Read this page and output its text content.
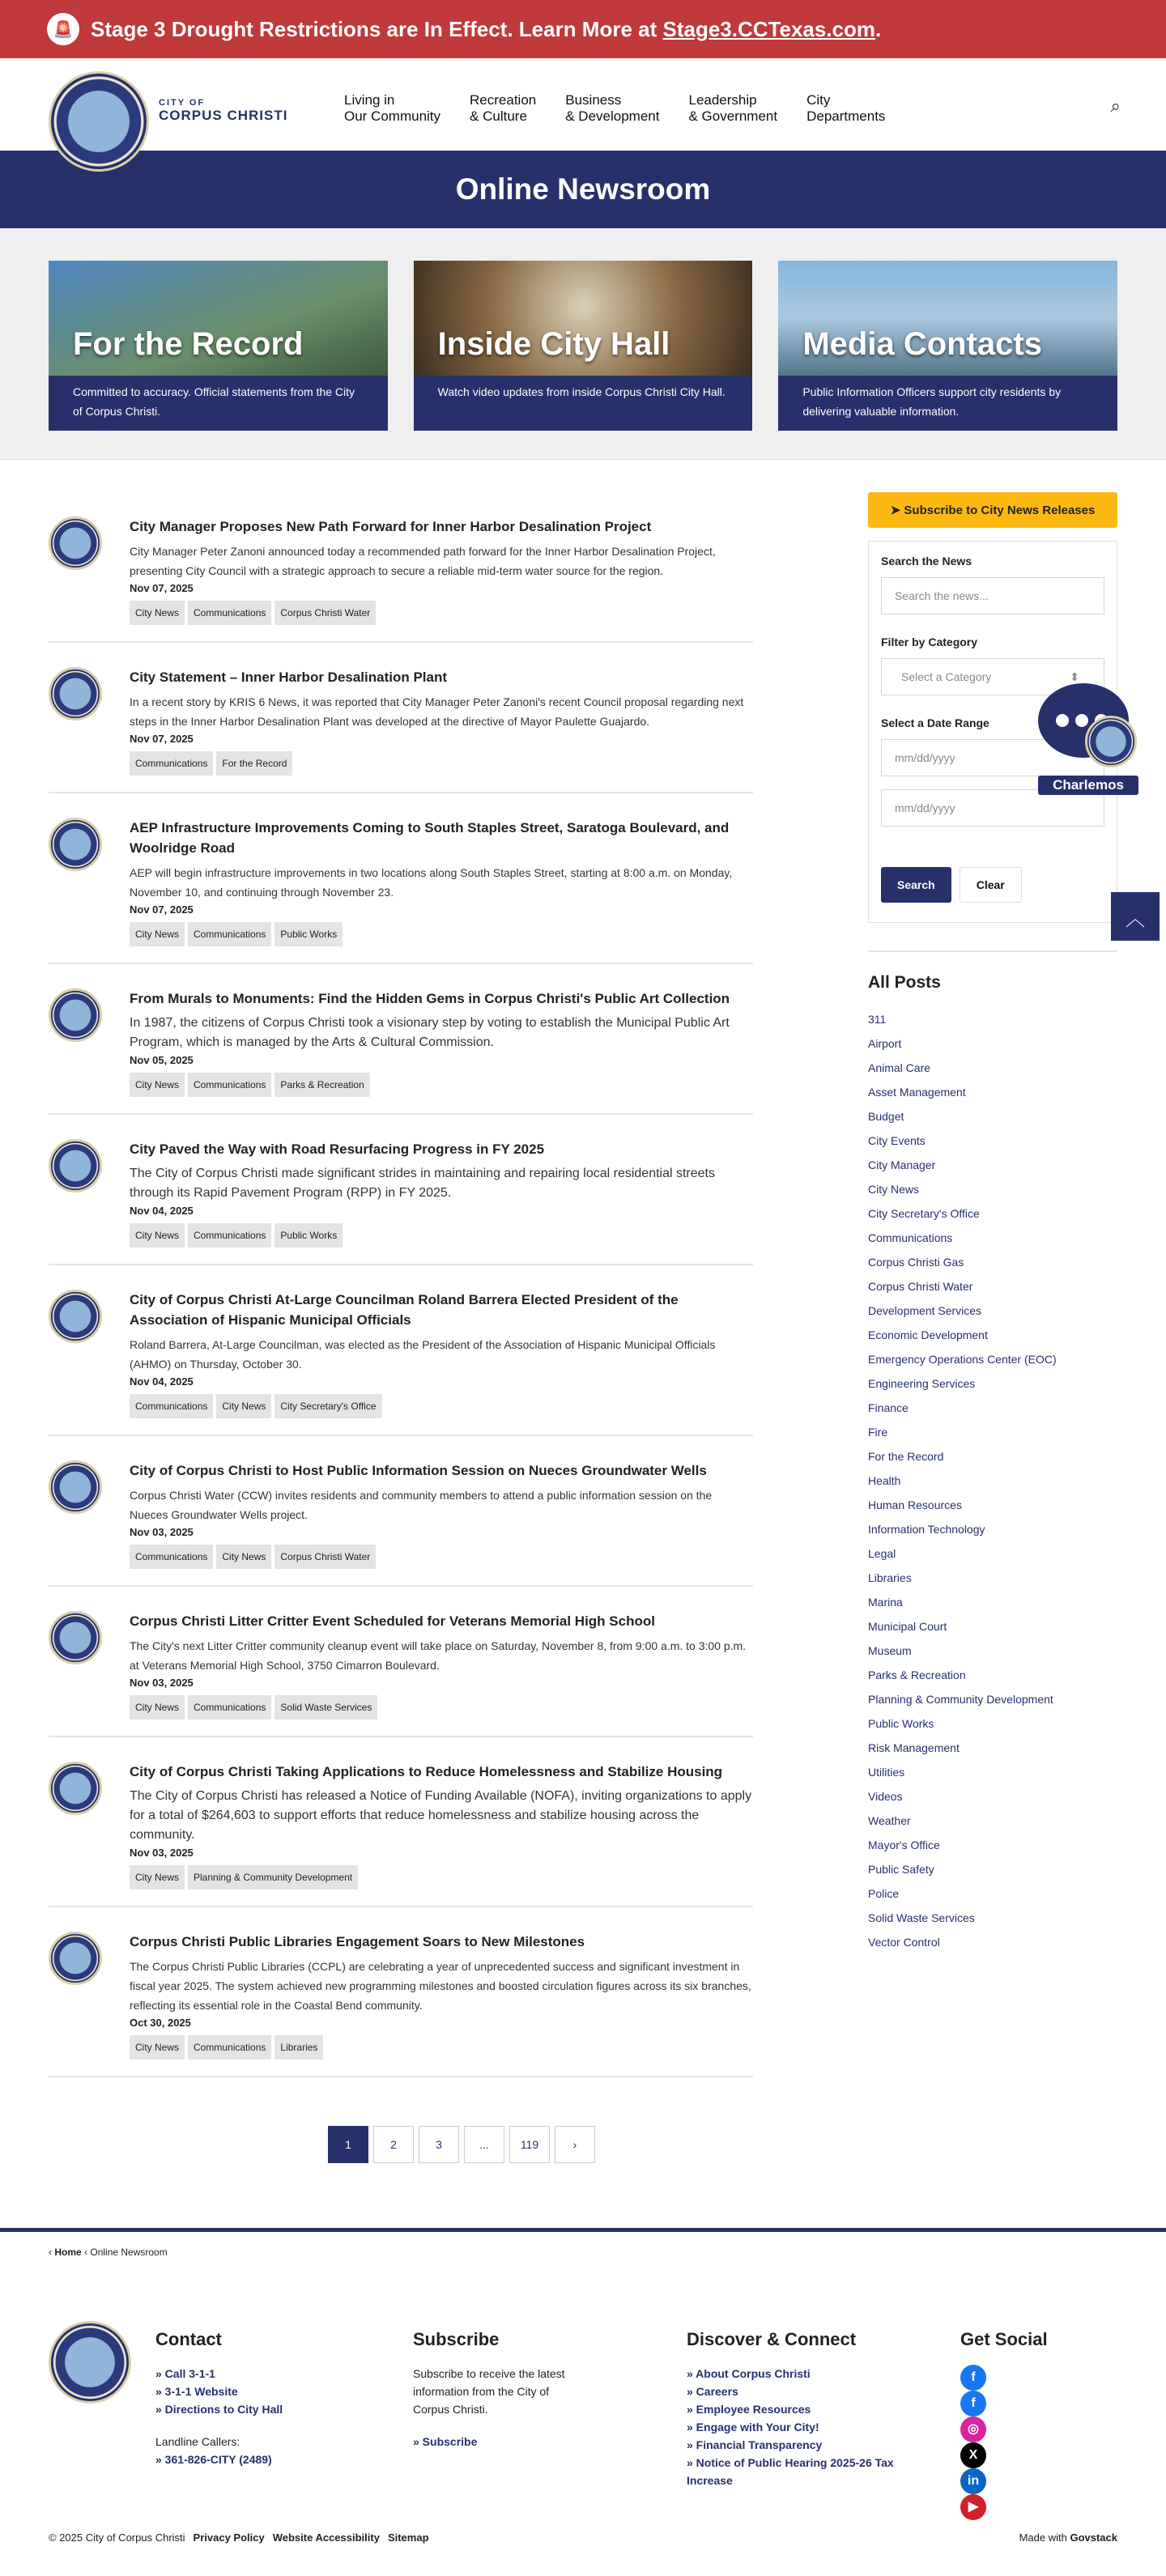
🚨 Stage 3 Drought Restrictions are In Effect. Learn More at
Stage3.CCTexas.com .
CITY OF
CORPUS CHRISTI
Living in
Our Community
Recreation
& Culture
Business
& Development
Leadership
& Government
City
Departments
⌕
Online Newsroom
For the Record
Committed to accuracy. Official statements from the City of Corpus Christi.
Inside City Hall
Watch video updates from inside Corpus Christi City Hall.
Media Contacts
Public Information Officers support city residents by delivering valuable information.
City Manager Proposes New Path Forward for Inner Harbor Desalination Project

City Manager Peter Zanoni announced today a recommended path forward for the Inner Harbor Desalination Project, presenting City Council with a strategic approach to secure a reliable mid-term water source for the region.

Nov 07, 2025
City News	Communications	Corpus Christi Water
City Statement – Inner Harbor Desalination Plant

In a recent story by KRIS 6 News, it was reported that City Manager Peter Zanoni's recent Council proposal regarding next steps in the Inner Harbor Desalination Plant was developed at the directive of Mayor Paulette Guajardo.

Nov 07, 2025
Communications	For the Record
AEP Infrastructure Improvements Coming to South Staples Street, Saratoga Boulevard, and Woolridge Road

AEP will begin infrastructure improvements in two locations along South Staples Street, starting at 8:00 a.m. on Monday, November 10, and continuing through November 23.

Nov 07, 2025
City News	Communications	Public Works
From Murals to Monuments: Find the Hidden Gems in Corpus Christi's Public Art Collection

In 1987, the citizens of Corpus Christi took a visionary step by voting to establish the Municipal Public Art Program, which is managed by the Arts & Cultural Commission.

Nov 05, 2025
City News	Communications	Parks & Recreation
City Paved the Way with Road Resurfacing Progress in FY 2025

The City of Corpus Christi made significant strides in maintaining and repairing local residential streets through its Rapid Pavement Program (RPP) in FY 2025.

Nov 04, 2025
City News	Communications	Public Works
City of Corpus Christi At-Large Councilman Roland Barrera Elected President of the Association of Hispanic Municipal Officials

Roland Barrera, At-Large Councilman, was elected as the President of the Association of Hispanic Municipal Officials (AHMO) on Thursday, October 30.

Nov 04, 2025
Communications	City News	City Secretary's Office
City of Corpus Christi to Host Public Information Session on Nueces Groundwater Wells

Corpus Christi Water (CCW) invites residents and community members to attend a public information session on the Nueces Groundwater Wells project.

Nov 03, 2025
Communications	City News	Corpus Christi Water
Corpus Christi Litter Critter Event Scheduled for Veterans Memorial High School

The City's next Litter Critter community cleanup event will take place on Saturday, November 8, from 9:00 a.m. to 3:00 p.m. at Veterans Memorial High School, 3750 Cimarron Boulevard.

Nov 03, 2025
City News	Communications	Solid Waste Services
City of Corpus Christi Taking Applications to Reduce Homelessness and Stabilize Housing

The City of Corpus Christi has released a Notice of Funding Available (NOFA), inviting organizations to apply for a total of $264,603 to support efforts that reduce homelessness and stabilize housing across the community.

Nov 03, 2025
City News	Planning & Community Development
Corpus Christi Public Libraries Engagement Soars to New Milestones

The Corpus Christi Public Libraries (CCPL) are celebrating a year of unprecedented success and significant investment in fiscal year 2025. The system achieved new programming milestones and boosted circulation figures across its six branches, reflecting its essential role in the Coastal Bend community.

Oct 30, 2025
City News	Communications	Libraries
1	2	3	...	119	›
➤ Subscribe to City News Releases
Search the News
Search the news...
Filter by Category
Select a Category	⬍
Select a Date Range
mm/dd/yyyy
mm/dd/yyyy
Search	Clear
Charlemos
︿
All Posts
311
Airport
Animal Care
Asset Management
Budget
City Events
City Manager
City News
City Secretary's Office
Communications
Corpus Christi Gas
Corpus Christi Water
Development Services
Economic Development
Emergency Operations Center (EOC)
Engineering Services
Finance
Fire
For the Record
Health
Human Resources
Information Technology
Legal
Libraries
Marina
Municipal Court
Museum
Parks & Recreation
Planning & Community Development
Public Works
Risk Management
Utilities
Videos
Weather
Mayor's Office
Public Safety
Police
Solid Waste Services
Vector Control
‹ Home ‹ Online Newsroom
Contact
» Call 3-1-1
» 3-1-1 Website
» Directions to City Hall
Landline Callers:
» 361-826-CITY (2489)
Subscribe
Subscribe to receive the latest information from the City of Corpus Christi.
» Subscribe
Discover & Connect
» About Corpus Christi
» Careers
» Employee Resources
» Engage with Your City!
» Financial Transparency
» Notice of Public Hearing 2025-26 Tax Increase
Get Social
f
f
◎
X
in
▶
© 2025 City of Corpus Christi Privacy Policy Website Accessibility Sitemap	Made with Govstack
